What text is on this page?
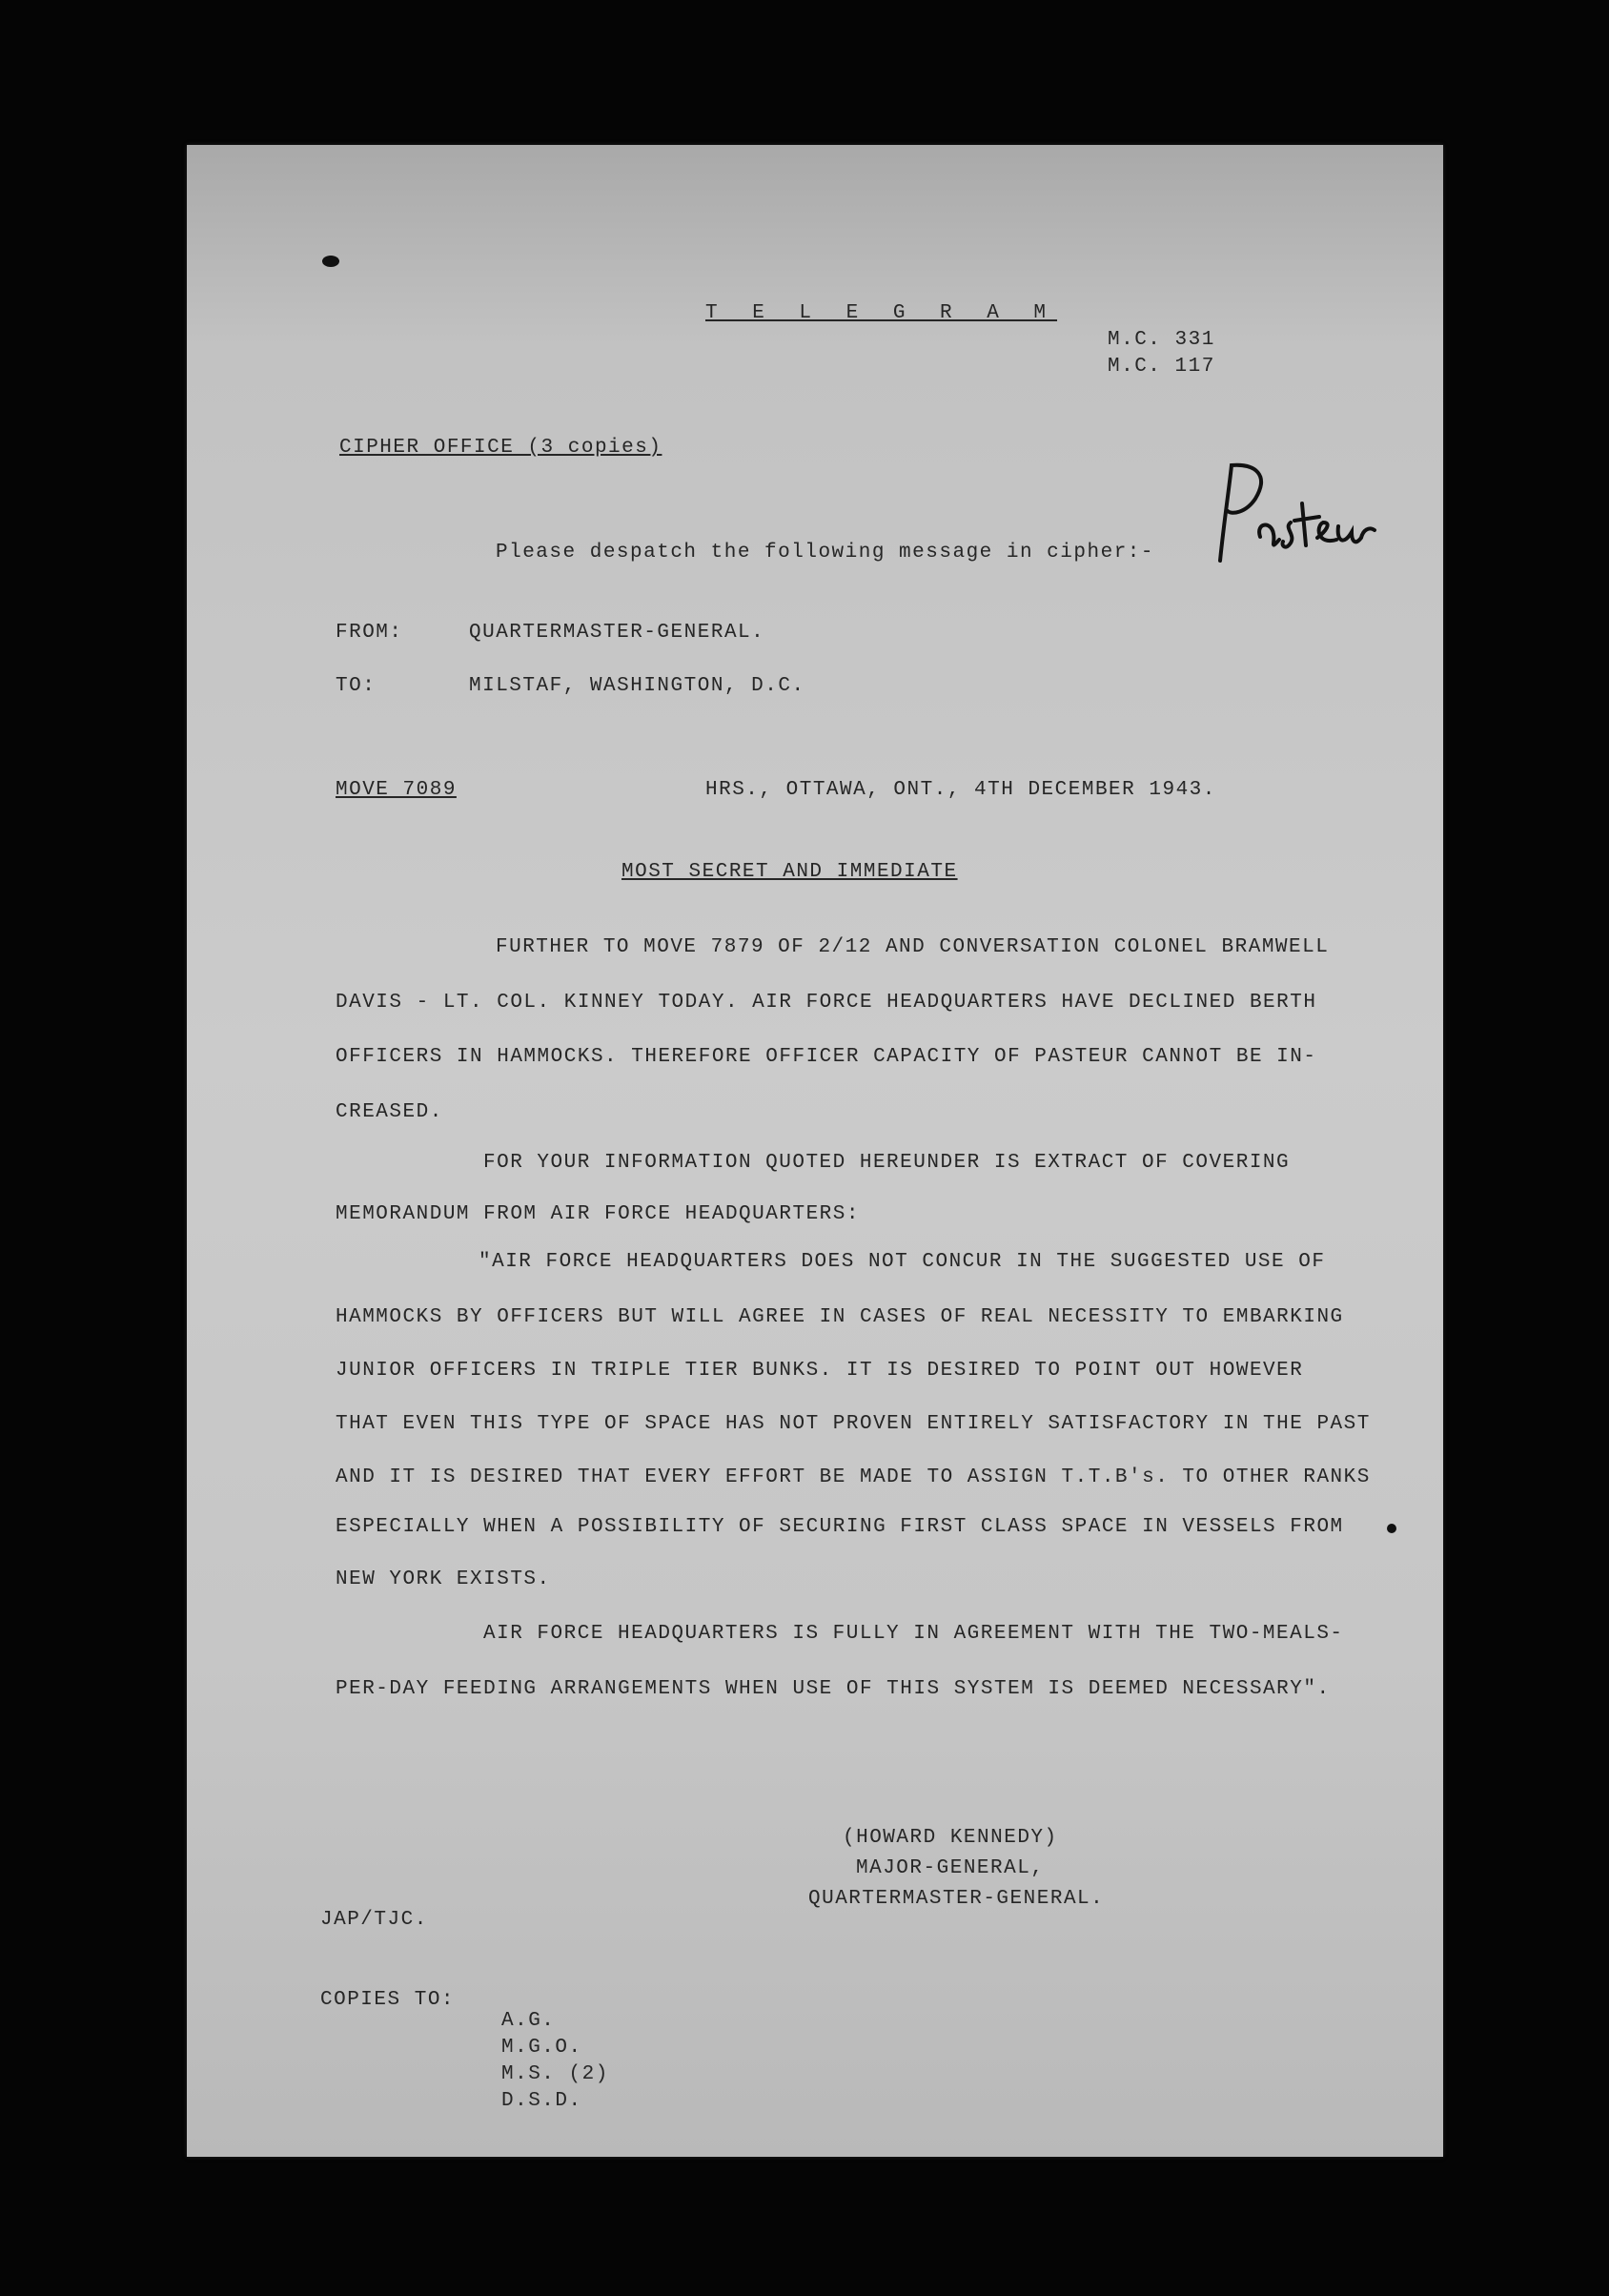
T E L E G R A M
M.C. 331
M.C. 117
CIPHER OFFICE (3 copies)
Please despatch the following message in cipher:-
FROM:	QUARTERMASTER-GENERAL.
TO:	MILSTAF, WASHINGTON, D.C.
MOVE 7089	HRS., OTTAWA, ONT., 4TH DECEMBER 1943.
MOST SECRET AND IMMEDIATE
FURTHER TO MOVE 7879 OF 2/12 AND CONVERSATION COLONEL BRAMWELL
DAVIS - LT. COL. KINNEY TODAY. AIR FORCE HEADQUARTERS HAVE DECLINED BERTH
OFFICERS IN HAMMOCKS. THEREFORE OFFICER CAPACITY OF PASTEUR CANNOT BE IN-
CREASED.
FOR YOUR INFORMATION QUOTED HEREUNDER IS EXTRACT OF COVERING
MEMORANDUM FROM AIR FORCE HEADQUARTERS:
"AIR FORCE HEADQUARTERS DOES NOT CONCUR IN THE SUGGESTED USE OF
HAMMOCKS BY OFFICERS BUT WILL AGREE IN CASES OF REAL NECESSITY TO EMBARKING
JUNIOR OFFICERS IN TRIPLE TIER BUNKS. IT IS DESIRED TO POINT OUT HOWEVER
THAT EVEN THIS TYPE OF SPACE HAS NOT PROVEN ENTIRELY SATISFACTORY IN THE PAST
AND IT IS DESIRED THAT EVERY EFFORT BE MADE TO ASSIGN T.T.B's. TO OTHER RANKS
ESPECIALLY WHEN A POSSIBILITY OF SECURING FIRST CLASS SPACE IN VESSELS FROM
NEW YORK EXISTS.
AIR FORCE HEADQUARTERS IS FULLY IN AGREEMENT WITH THE TWO-MEALS-
PER-DAY FEEDING ARRANGEMENTS WHEN USE OF THIS SYSTEM IS DEEMED NECESSARY".
(HOWARD KENNEDY)
MAJOR-GENERAL,
QUARTERMASTER-GENERAL.
JAP/TJC.
COPIES TO:
A.G.
M.G.O.
M.S. (2)
D.S.D.
